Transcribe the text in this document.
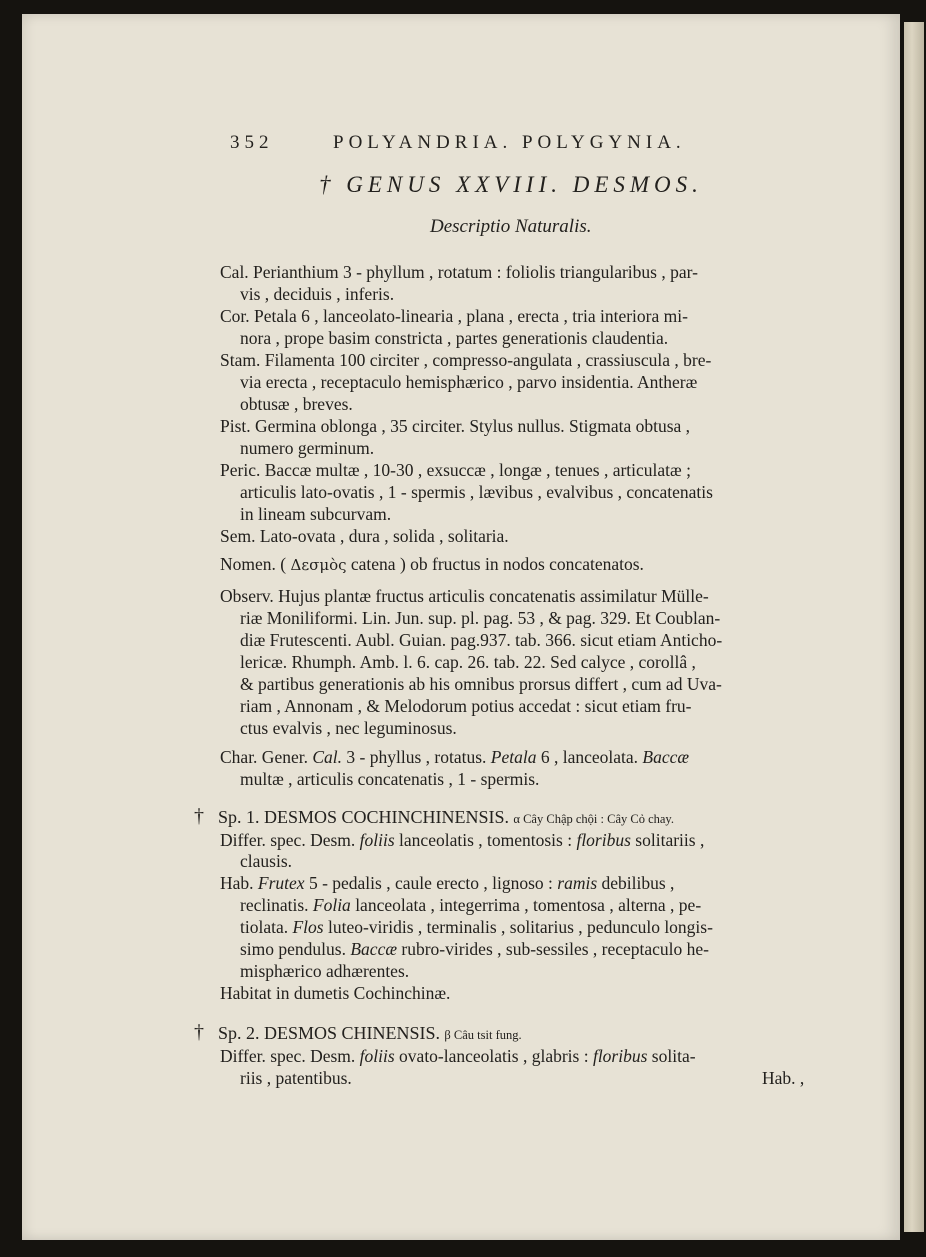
352	POLYANDRIA. POLYGYNIA.
† GENUS XXVIII. DESMOS.
Descriptio Naturalis.
Cal. Perianthium 3 - phyllum , rotatum : foliolis triangularibus , par-
vis , deciduis , inferis.
Cor. Petala 6 , lanceolato-linearia , plana , erecta , tria interiora mi-
nora , prope basim constricta , partes generationis claudentia.
Stam. Filamenta 100 circiter , compresso-angulata , crassiuscula , bre-
via erecta , receptaculo hemisphærico , parvo insidentia. Antheræ
obtusæ , breves.
Pist. Germina oblonga , 35 circiter. Stylus nullus. Stigmata obtusa ,
numero germinum.
Peric. Baccæ multæ , 10-30 , exsuccæ , longæ , tenues , articulatæ ;
articulis lato-ovatis , 1 - spermis , lævibus , evalvibus , concatenatis
in lineam subcurvam.
Sem. Lato-ovata , dura , solida , solitaria.
Nomen. ( Δεσμὸς catena ) ob fructus in nodos concatenatos.
Observ. Hujus plantæ fructus articulis concatenatis assimilatur Mülle-
riæ Moniliformi. Lin. Jun. sup. pl. pag. 53 , & pag. 329. Et Coublan-
diæ Frutescenti. Aubl. Guian. pag.937. tab. 366. sicut etiam Anticho-
lericæ. Rhumph. Amb. l. 6. cap. 26. tab. 22. Sed calyce , corollâ ,
& partibus generationis ab his omnibus prorsus differt , cum ad Uva-
riam , Annonam , & Melodorum potius accedat : sicut etiam fru-
ctus evalvis , nec leguminosus.
Char. Gener. Cal. 3 - phyllus , rotatus. Petala 6 , lanceolata. Baccæ
multæ , articulis concatenatis , 1 - spermis.
† Sp. 1. DESMOS COCHINCHINENSIS. α Cây Chập chội : Cây Cỏ chay.
Differ. spec. Desm. foliis lanceolatis , tomentosis : floribus solitariis ,
clausis.
Hab. Frutex 5 - pedalis , caule erecto , lignoso : ramis debilibus ,
reclinatis. Folia lanceolata , integerrima , tomentosa , alterna , pe-
tiolata. Flos luteo-viridis , terminalis , solitarius , pedunculo longis-
simo pendulus. Baccæ rubro-virides , sub-sessiles , receptaculo he-
misphærico adhærentes.
Habitat in dumetis Cochinchinæ.
† Sp. 2. DESMOS CHINENSIS. β Câu tsit fung.
Differ. spec. Desm. foliis ovato-lanceolatis , glabris : floribus solita-
riis , patentibus.	Hab. ,
